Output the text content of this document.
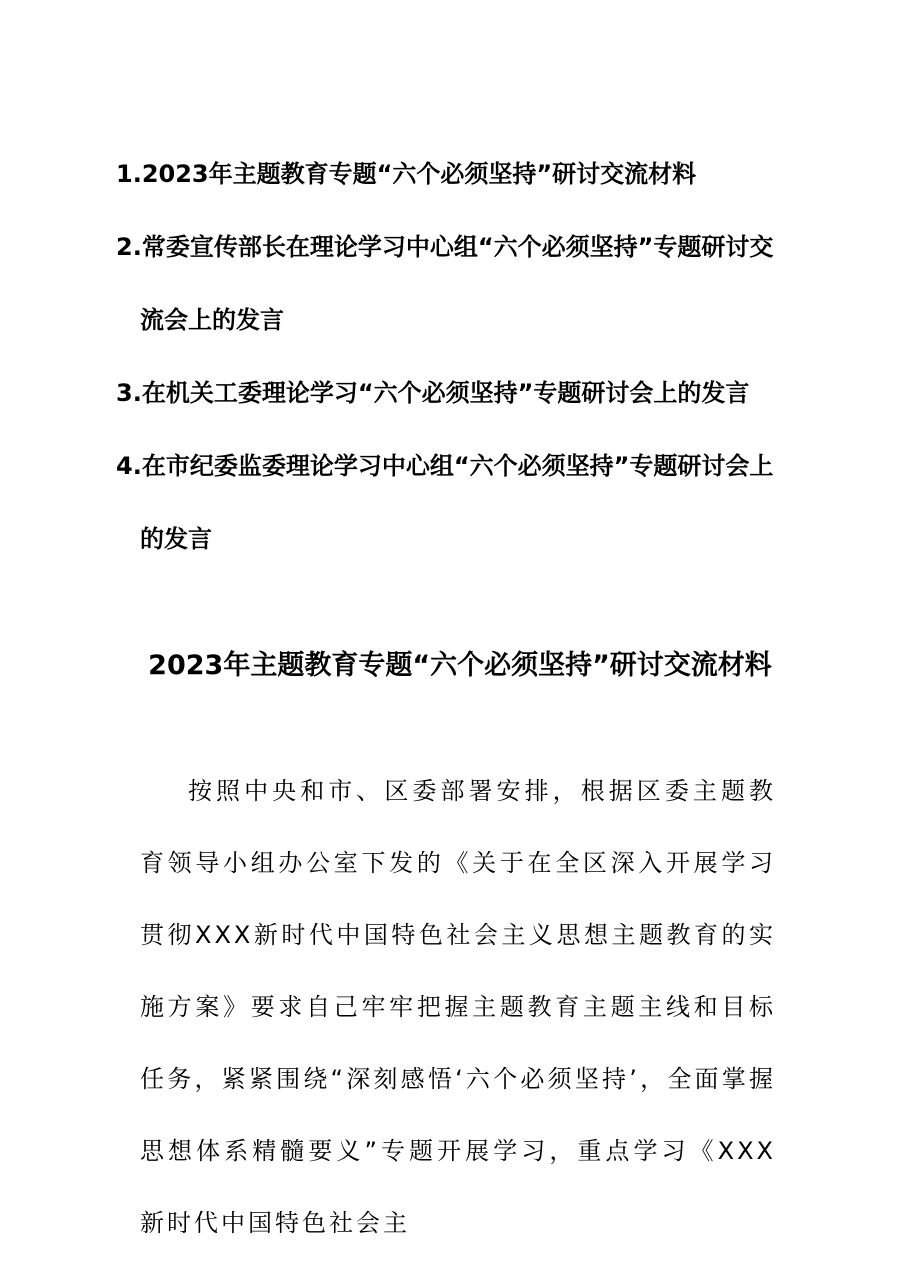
1.2023年主题教育专题“六个必须坚持”研讨交流材料
2.常委宣传部长在理论学习中心组“六个必须坚持”专题研讨交流会上的发言
3.在机关工委理论学习“六个必须坚持”专题研讨会上的发言
4.在市纪委监委理论学习中心组“六个必须坚持”专题研讨会上的发言
2023年主题教育专题“六个必须坚持”研讨交流材料
按照中央和市、区委部署安排，根据区委主题教育领导小组办公室下发的《关于在全区深入开展学习贯彻XXX新时代中国特色社会主义思想主题教育的实施方案》要求自己牢牢把握主题教育主题主线和目标任务，紧紧围绕“深刻感悟‘六个必须坚持’，全面掌握思想体系精髓要义”专题开展学习，重点学习《XXX新时代中国特色社会主
